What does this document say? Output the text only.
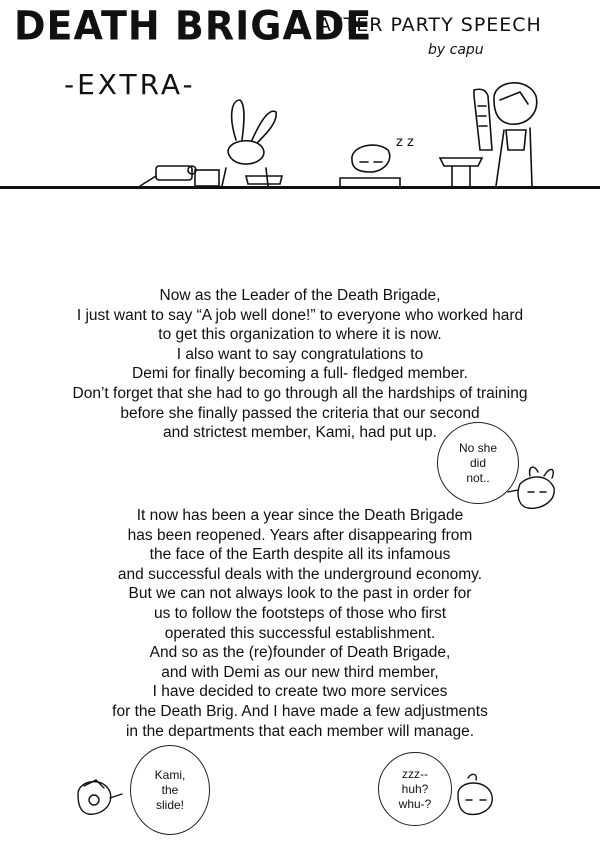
DEATH BRIGADE
-EXTRA-
AFTER PARTY SPEECH
by capu
z z
Now as the Leader of the Death Brigade,
I just want to say “A job well done!” to everyone who worked hard
to get this organization to where it is now.
I also want to say congratulations to
Demi for finally becoming a full- fledged member.
Don’t forget that she had to go through all the hardships of training
before she finally passed the criteria that our second
and strictest member, Kami, had put up.
It now has been a year since the Death Brigade
has been reopened. Years after disappearing from
the face of the Earth despite all its infamous
and successful deals with the underground economy.
But we can not always look to the past in order for
us to follow the footsteps of those who first
operated this successful establishment.
And so as the (re)founder of Death Brigade,
and with Demi as our new third member,
I have decided to create two more services
for the Death Brig. And I have made a few adjustments
in the departments that each member will manage.
No she
did
not..
Kami,
the
slide!
zzz--
huh?
whu-?
